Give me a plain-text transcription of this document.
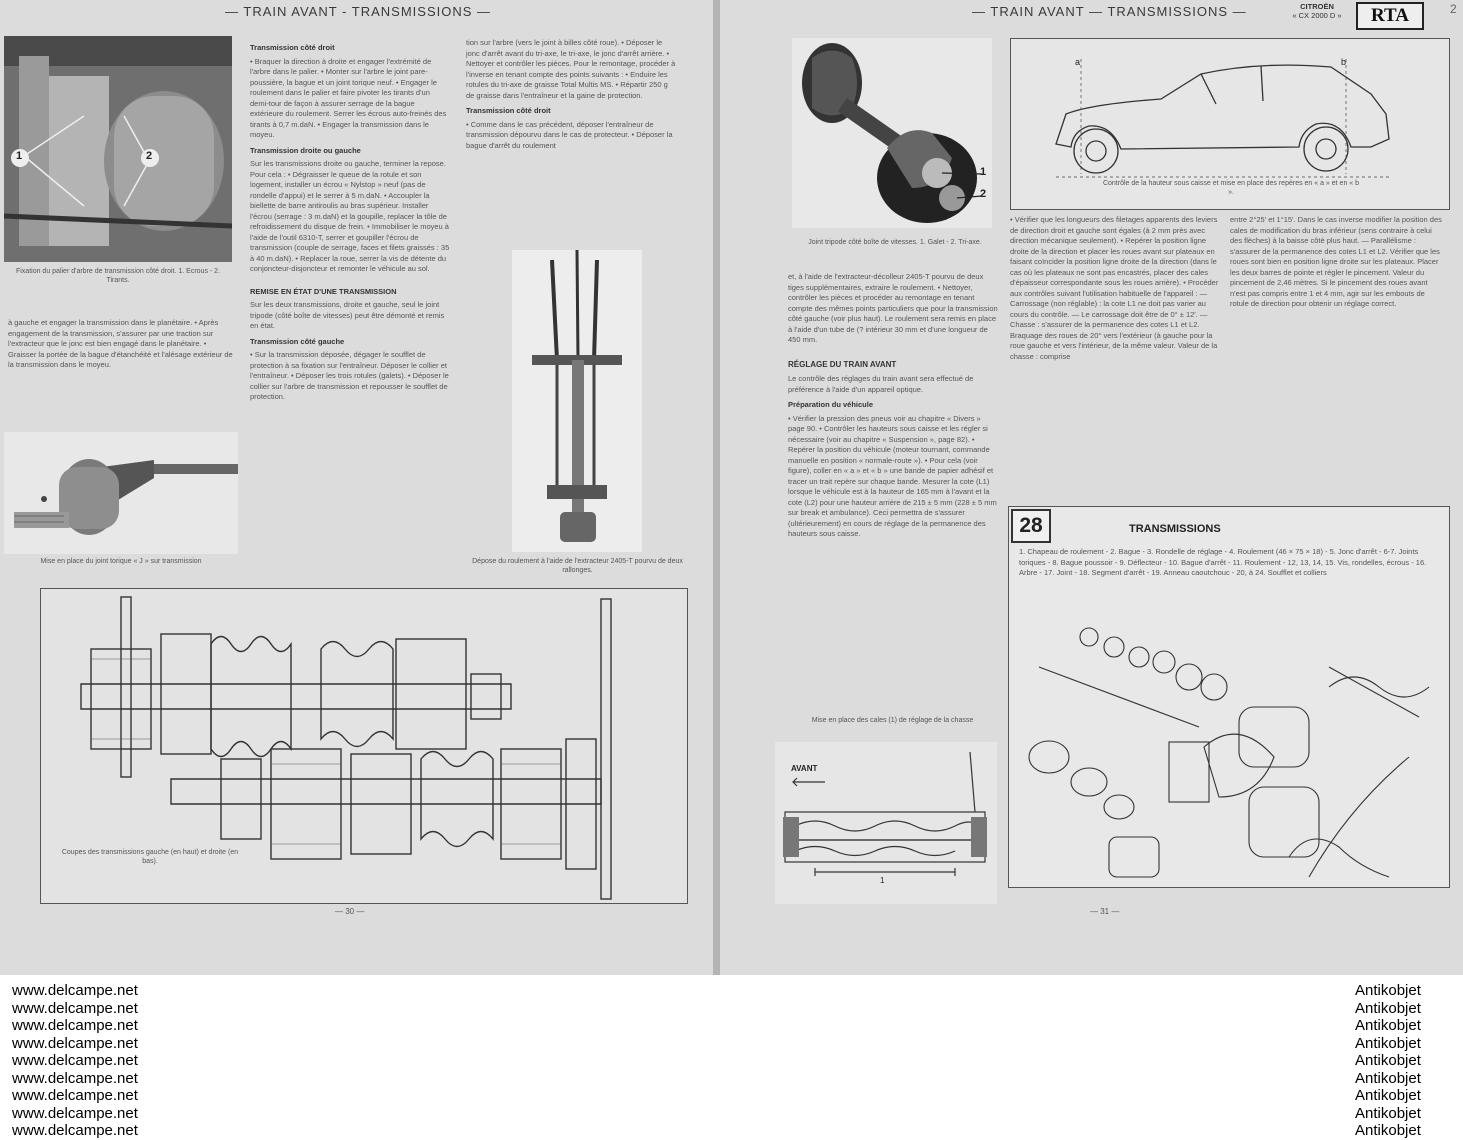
— TRAIN AVANT - TRANSMISSIONS —
1	2
Fixation du palier d'arbre de transmission côté droit. 1. Ecrous - 2. Tirants.
à gauche et engager la transmission dans le planétaire. • Après engagement de la transmission, s'assurer par une traction sur l'extracteur que le jonc est bien engagé dans le planétaire. • Graisser la portée de la bague d'étanchéité et l'alésage extérieur de la transmission dans le moyeu.
Mise en place du joint torique « J » sur transmission
Transmission côté droit

• Braquer la direction à droite et engager l'extrémité de l'arbre dans le palier. • Monter sur l'arbre le joint pare-poussière, la bague et un joint torique neuf. • Engager le roulement dans le palier et faire pivoter les tirants d'un demi-tour de façon à assurer serrage de la bague extérieure du roulement. Serrer les écrous auto-freinés des tirants à 0,7 m.daN. • Engager la transmission dans le moyeu.

Transmission droite ou gauche

Sur les transmissions droite ou gauche, terminer la repose. Pour cela : • Dégraisser le queue de la rotule et son logement, installer un écrou « Nylstop » neuf (pas de rondelle d'appui) et le serrer à 5 m.daN. • Accoupler la biellette de barre antiroulis au bras supérieur. Installer l'écrou (serrage : 3 m.daN) et la goupille, replacer la tôle de refroidissement du disque de frein. • Immobiliser le moyeu à l'aide de l'outil 6310-T, serrer et goupiller l'écrou de transmission (couple de serrage, faces et filets graissés : 35 à 40 m.daN). • Replacer la roue, serrer la vis de détente du conjoncteur-disjoncteur et remonter le véhicule au sol.

REMISE EN ÉTAT D'UNE TRANSMISSION

Sur les deux transmissions, droite et gauche, seul le joint tripode (côté boîte de vitesses) peut être démonté et remis en état.

Transmission côté gauche

• Sur la transmission déposée, dégager le soufflet de protection à sa fixation sur l'entraîneur. Déposer le collier et l'entraîneur. • Déposer les trois rotules (galets). • Déposer le collier sur l'arbre de transmission et repousser le soufflet de protection.

tion sur l'arbre (vers le joint à billes côté roue). • Déposer le jonc d'arrêt avant du tri-axe, le tri-axe, le jonc d'arrêt arrière. • Nettoyer et contrôler les pièces. Pour le remontage, procéder à l'inverse en tenant compte des points suivants : • Enduire les rotules du tri-axe de graisse Total Multis MS. • Répartir 250 g de graisse dans l'entraîneur et la gaine de protection.

Transmission côté droit

• Comme dans le cas précédent, déposer l'entraîneur de transmission dépourvu dans le cas de protecteur. • Déposer la bague d'arrêt du roulement

Dépose du roulement à l'aide de l'extracteur 2405-T pourvu de deux rallonges.
Coupes des transmissions gauche (en haut) et droite (en bas).
— 30 —
2
— TRAIN AVANT — TRANSMISSIONS —	CITROËN
« CX 2000 D »	RTA
1
2
Joint tripode côté boîte de vitesses. 1. Galet - 2. Tri-axe.
a	b
Contrôle de la hauteur sous caisse et mise en place des repères en « a » et en « b ».

et, à l'aide de l'extracteur-décolleur 2405-T pourvu de deux tiges supplémentaires, extraire le roulement. • Nettoyer, contrôler les pièces et procéder au remontage en tenant compte des mêmes points particuliers que pour la transmission côté gauche (voir plus haut). Le roulement sera remis en place à l'aide d'un tube de (? intérieur 30 mm et d'une longueur de 450 mm.

RÉGLAGE DU TRAIN AVANT

Le contrôle des réglages du train avant sera effectué de préférence à l'aide d'un appareil optique.

Préparation du véhicule

• Vérifier la pression des pneus voir au chapitre « Divers » page 90. • Contrôler les hauteurs sous caisse et les régler si nécessaire (voir au chapitre « Suspension », page 82). • Repérer la position du véhicule (moteur tournant, commande manuelle en position « normale-route »). • Pour cela (voir figure), coller en « a » et « b » une bande de papier adhésif et tracer un trait repère sur chaque bande. Mesurer la cote (L1) lorsque le véhicule est à la hauteur de 165 mm à l'avant et la cote (L2) pour une hauteur arrière de 215 ± 5 mm (228 ± 5 mm sur break et ambulance). Ceci permettra de s'assurer (ultérieurement) en cours de réglage de la permanence des hauteurs sous caisse.

Mise en place des cales (1) de réglage de la chasse
AVANT
1

• Vérifier que les longueurs des filetages apparents des leviers de direction droit et gauche sont égales (à 2 mm près avec direction mécanique seulement). • Repérer la position ligne droite de la direction et placer les roues avant sur plateaux en faisant coïncider la position ligne droite de la direction (dans le cas où les plateaux ne sont pas encastrés, placer des cales d'épaisseur correspondante sous les roues arrière). • Procéder aux contrôles suivant l'utilisation habituelle de l'appareil : — Carrossage (non réglable) : la cote L1 ne doit pas varier au cours du contrôle. — Le carrossage doit être de 0° ± 12'. — Chasse : s'assurer de la permanence des cotes L1 et L2. Braquage des roues de 20° vers l'extérieur (à gauche pour la roue gauche et vers l'intérieur, de la même valeur. Valeur de la chasse : comprise

entre 2°25' et 1°15'. Dans le cas inverse modifier la position des cales de modification du bras inférieur (sens contraire à celui des flèches) à la baisse côté plus haut. — Parallélisme : s'assurer de la permanence des cotes L1 et L2. Vérifier que les roues sont bien en position ligne droite sur les plateaux. Placer les deux barres de pointe et régler le pincement. Valeur du pincement de 2,46 mètres. Si le pincement des roues avant n'est pas compris entre 1 et 4 mm, agir sur les embouts de rotule de direction pour obtenir un réglage correct.

28	TRANSMISSIONS
1. Chapeau de roulement - 2. Bague - 3. Rondelle de réglage - 4. Roulement (46 × 75 × 18) - 5. Jonc d'arrêt - 6-7. Joints toriques - 8. Bague poussoir - 9. Déflecteur - 10. Bague d'arrêt - 11. Roulement - 12, 13, 14, 15. Vis, rondelles, écrous - 16. Arbre - 17. Joint - 18. Segment d'arrêt - 19. Anneau caoutchouc - 20, à 24. Soufflet et colliers
— 31 —
www.delcampe.net
www.delcampe.net
www.delcampe.net
www.delcampe.net
www.delcampe.net
www.delcampe.net
www.delcampe.net
www.delcampe.net
www.delcampe.net
Antikobjet
Antikobjet
Antikobjet
Antikobjet
Antikobjet
Antikobjet
Antikobjet
Antikobjet
Antikobjet
